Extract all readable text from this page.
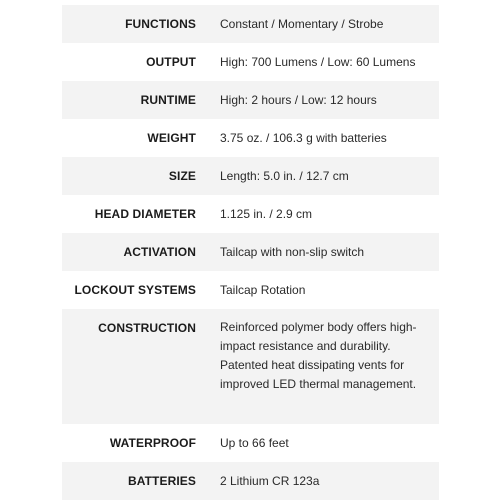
FUNCTIONS Constant / Momentary / Strobe
OUTPUT High: 700 Lumens / Low: 60 Lumens
RUNTIME High: 2 hours / Low: 12 hours
WEIGHT 3.75 oz. / 106.3 g with batteries
SIZE Length: 5.0 in. / 12.7 cm
HEAD DIAMETER 1.125 in. / 2.9 cm
ACTIVATION Tailcap with non-slip switch
LOCKOUT SYSTEMS Tailcap Rotation
CONSTRUCTION Reinforced polymer body offers high-impact resistance and durability. Patented heat dissipating vents for improved LED thermal management.
WATERPROOF Up to 66 feet
BATTERIES 2 Lithium CR 123a
